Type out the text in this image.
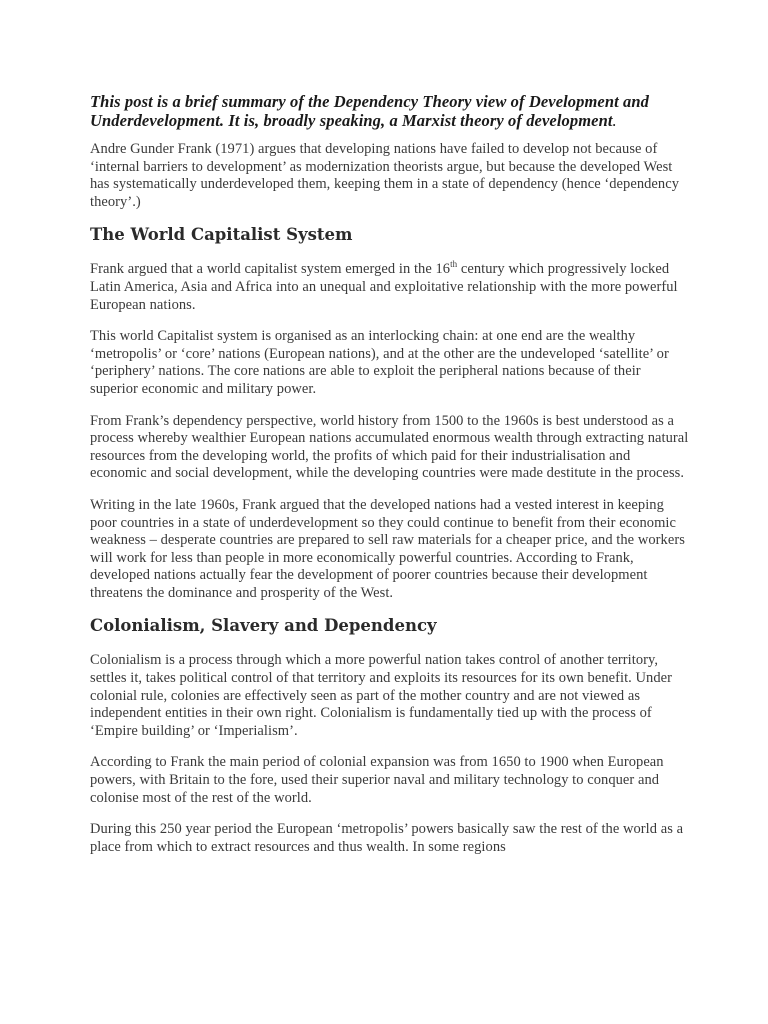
This post is a brief summary of the Dependency Theory view of Development and Underdevelopment. It is, broadly speaking, a Marxist theory of development.

Andre Gunder Frank (1971) argues that developing nations have failed to develop not because of ‘internal barriers to development’ as modernization theorists argue, but because the developed West has systematically underdeveloped them, keeping them in a state of dependency (hence ‘dependency theory’.)

The World Capitalist System

Frank argued that a world capitalist system emerged in the 16th century which progressively locked Latin America, Asia and Africa into an unequal and exploitative relationship with the more powerful European nations.

This world Capitalist system is organised as an interlocking chain: at one end are the wealthy ‘metropolis’ or ‘core’ nations (European nations), and at the other are the undeveloped ‘satellite’ or ‘periphery’ nations. The core nations are able to exploit the peripheral nations because of their superior economic and military power.

From Frank’s dependency perspective, world history from 1500 to the 1960s is best understood as a process whereby wealthier European nations accumulated enormous wealth through extracting natural resources from the developing world, the profits of which paid for their industrialisation and economic and social development, while the developing countries were made destitute in the process.

Writing in the late 1960s, Frank argued that the developed nations had a vested interest in keeping poor countries in a state of underdevelopment so they could continue to benefit from their economic weakness – desperate countries are prepared to sell raw materials for a cheaper price, and the workers will work for less than people in more economically powerful countries. According to Frank, developed nations actually fear the development of poorer countries because their development threatens the dominance and prosperity of the West.

Colonialism, Slavery and Dependency

Colonialism is a process through which a more powerful nation takes control of another territory, settles it, takes political control of that territory and exploits its resources for its own benefit. Under colonial rule, colonies are effectively seen as part of the mother country and are not viewed as independent entities in their own right. Colonialism is fundamentally tied up with the process of ‘Empire building’ or ‘Imperialism’.

According to Frank the main period of colonial expansion was from 1650 to 1900 when European powers, with Britain to the fore, used their superior naval and military technology to conquer and colonise most of the rest of the world.

During this 250 year period the European ‘metropolis’ powers basically saw the rest of the world as a place from which to extract resources and thus wealth. In some regions
